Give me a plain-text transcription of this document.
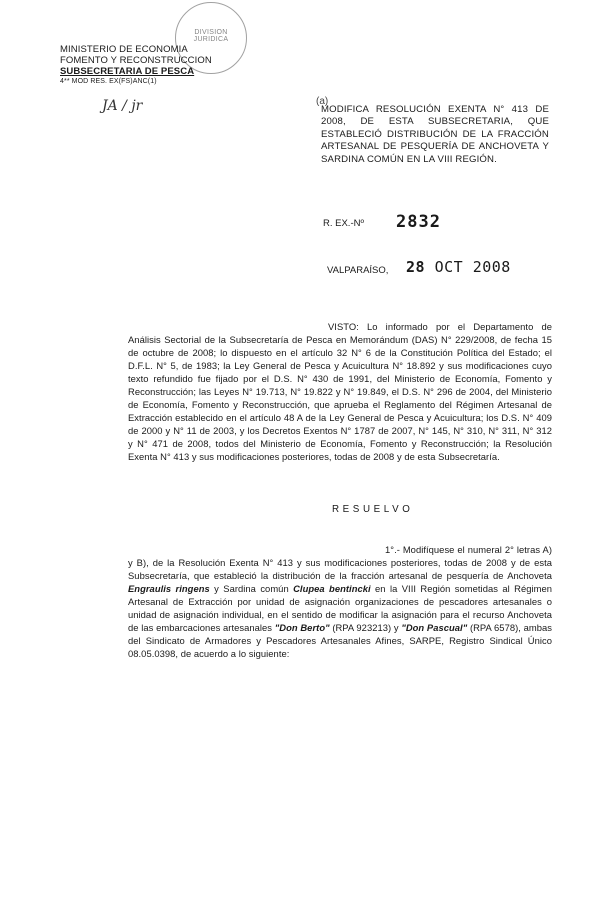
DIVISION JURIDICA
MINISTERIO DE ECONOMIA
FOMENTO Y RECONSTRUCCION
SUBSECRETARIA DE PESCA
4** MOD RES. EX(FS)ANC(1)
JA / jr	(a)
MODIFICA RESOLUCIÓN EXENTA N° 413 DE 2008, DE ESTA SUBSECRETARIA, QUE ESTABLECIÓ DISTRIBUCIÓN DE LA FRACCIÓN ARTESANAL DE PESQUERÍA DE ANCHOVETA Y SARDINA COMÚN EN LA VIII REGIÓN.
R. EX.-Nº 2832
VALPARAÍSO, 28 OCT 2008
VISTO: Lo informado por el Departamento de Análisis Sectorial de la Subsecretaría de Pesca en Memorándum (DAS) N° 229/2008, de fecha 15 de octubre de 2008; lo dispuesto en el artículo 32 N° 6 de la Constitución Política del Estado; el D.F.L. N° 5, de 1983; la Ley General de Pesca y Acuicultura N° 18.892 y sus modificaciones cuyo texto refundido fue fijado por el D.S. N° 430 de 1991, del Ministerio de Economía, Fomento y Reconstrucción; las Leyes N° 19.713, N° 19.822 y N° 19.849, el D.S. N° 296 de 2004, del Ministerio de Economía, Fomento y Reconstrucción, que aprueba el Reglamento del Régimen Artesanal de Extracción establecido en el artículo 48 A de la Ley General de Pesca y Acuicultura; los D.S. N° 409 de 2000 y N° 11 de 2003, y los Decretos Exentos N° 1787 de 2007, N° 145, N° 310, N° 311, N° 312 y N° 471 de 2008, todos del Ministerio de Economía, Fomento y Reconstrucción; la Resolución Exenta N° 413 y sus modificaciones posteriores, todas de 2008 y de esta Subsecretaría.
RESUELVO
1°.- Modifíquese el numeral 2° letras A) y B), de la Resolución Exenta N° 413 y sus modificaciones posteriores, todas de 2008 y de esta Subsecretaría, que estableció la distribución de la fracción artesanal de pesquería de Anchoveta Engraulis ringens y Sardina común Clupea bentincki en la VIII Región sometidas al Régimen Artesanal de Extracción por unidad de asignación organizaciones de pescadores artesanales o unidad de asignación individual, en el sentido de modificar la asignación para el recurso Anchoveta de las embarcaciones artesanales "Don Berto" (RPA 923213) y "Don Pascual" (RPA 6578), ambas del Sindicato de Armadores y Pescadores Artesanales Afines, SARPE, Registro Sindical Único 08.05.0398, de acuerdo a lo siguiente:
